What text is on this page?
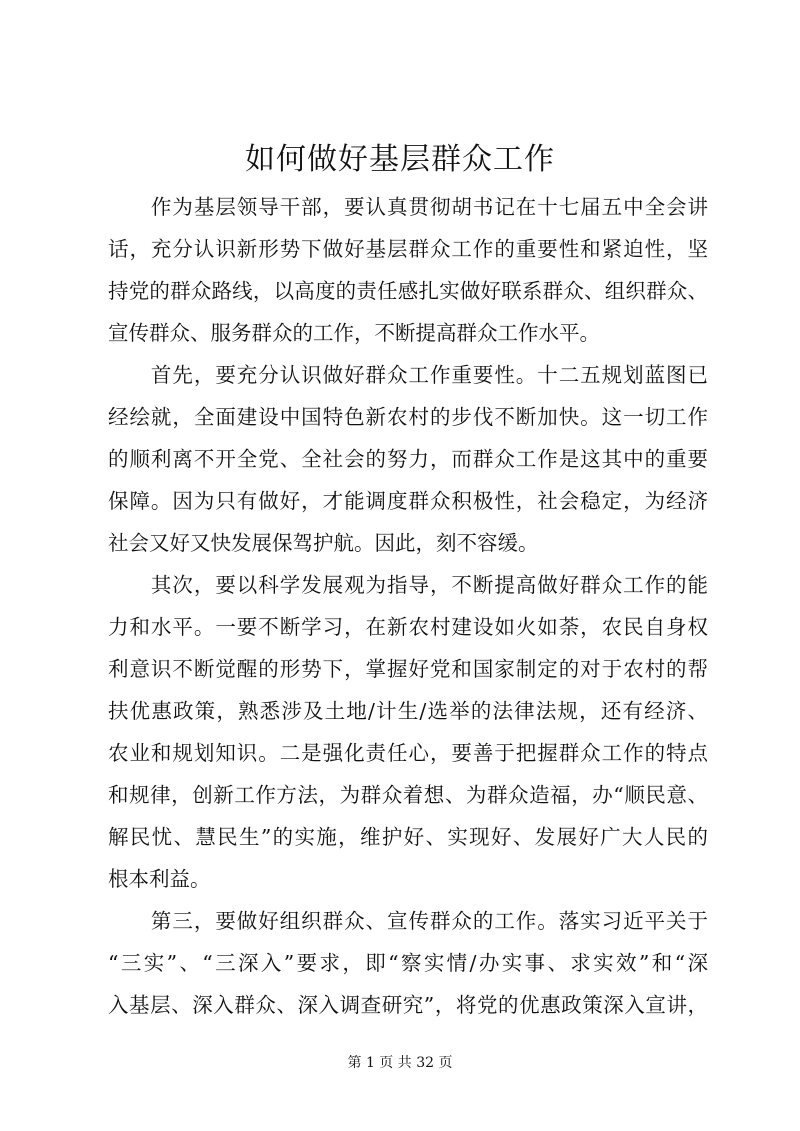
如何做好基层群众工作
　　作为基层领导干部，要认真贯彻胡书记在十七届五中全会讲
话，充分认识新形势下做好基层群众工作的重要性和紧迫性，坚
持党的群众路线，以高度的责任感扎实做好联系群众、组织群众、
宣传群众、服务群众的工作，不断提高群众工作水平。
　　首先，要充分认识做好群众工作重要性。十二五规划蓝图已
经绘就，全面建设中国特色新农村的步伐不断加快。这一切工作
的顺利离不开全党、全社会的努力，而群众工作是这其中的重要
保障。因为只有做好，才能调度群众积极性，社会稳定，为经济
社会又好又快发展保驾护航。因此，刻不容缓。
　　其次，要以科学发展观为指导，不断提高做好群众工作的能
力和水平。一要不断学习，在新农村建设如火如荼，农民自身权
利意识不断觉醒的形势下，掌握好党和国家制定的对于农村的帮
扶优惠政策，熟悉涉及土地/计生/选举的法律法规，还有经济、
农业和规划知识。二是强化责任心，要善于把握群众工作的特点
和规律，创新工作方法，为群众着想、为群众造福，办“顺民意、
解民忧、慧民生”的实施，维护好、实现好、发展好广大人民的
根本利益。
　　第三，要做好组织群众、宣传群众的工作。落实习近平关于
“三实”、“三深入”要求，即“察实情/办实事、求实效”和“深
入基层、深入群众、深入调查研究”，将党的优惠政策深入宣讲，
第 1 页 共 32 页
